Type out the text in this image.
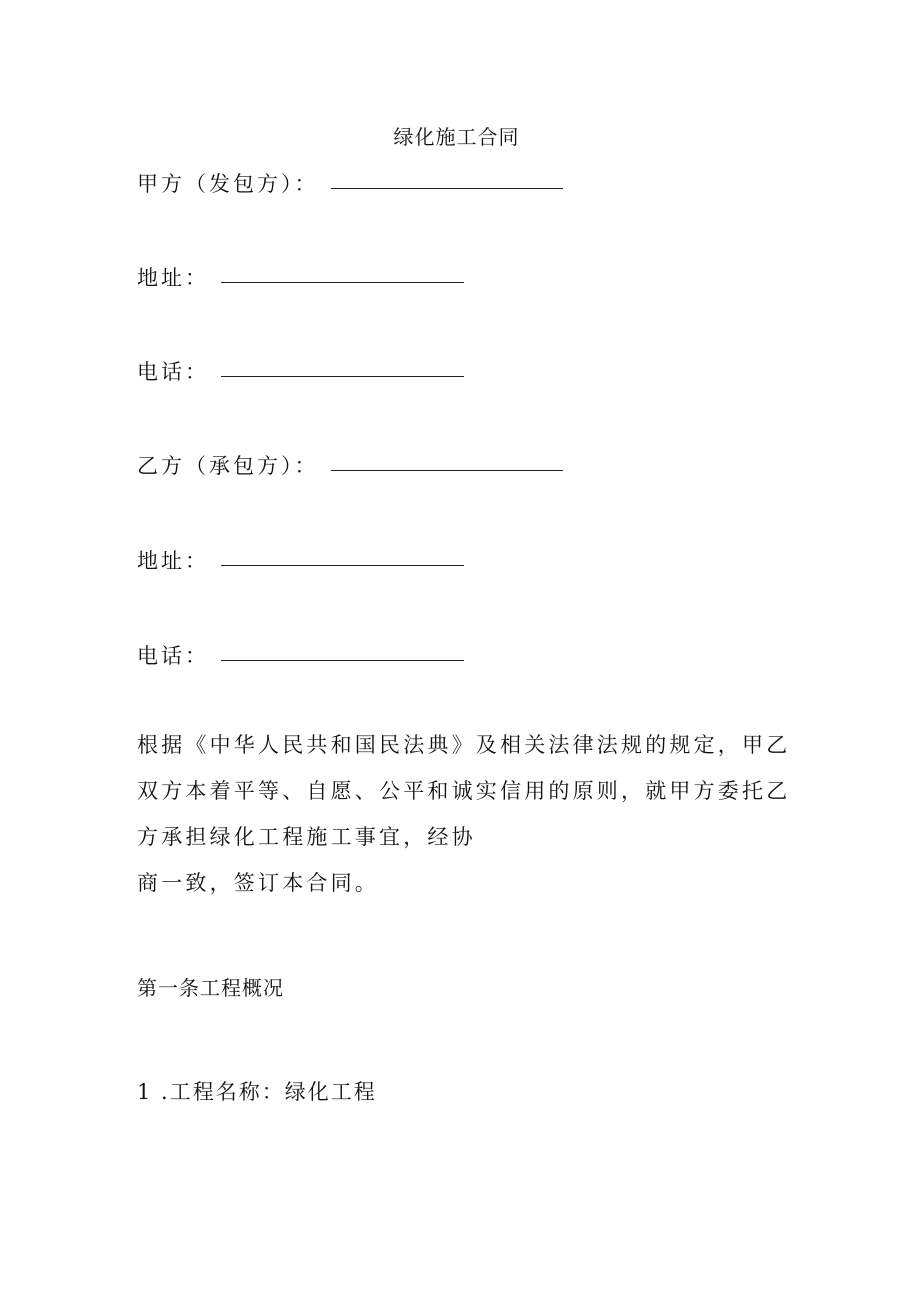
绿化施工合同
甲方（发包方）：
地址：
电话：
乙方（承包方）：
地址：
电话：
根据《中华人民共和国民法典》及相关法律法规的规定，甲乙
双方本着平等、自愿、公平和诚实信用的原则，就甲方委托乙
方承担绿化工程施工事宜，经协
商一致，签订本合同。
第一条工程概况
1 .工程名称：绿化工程
